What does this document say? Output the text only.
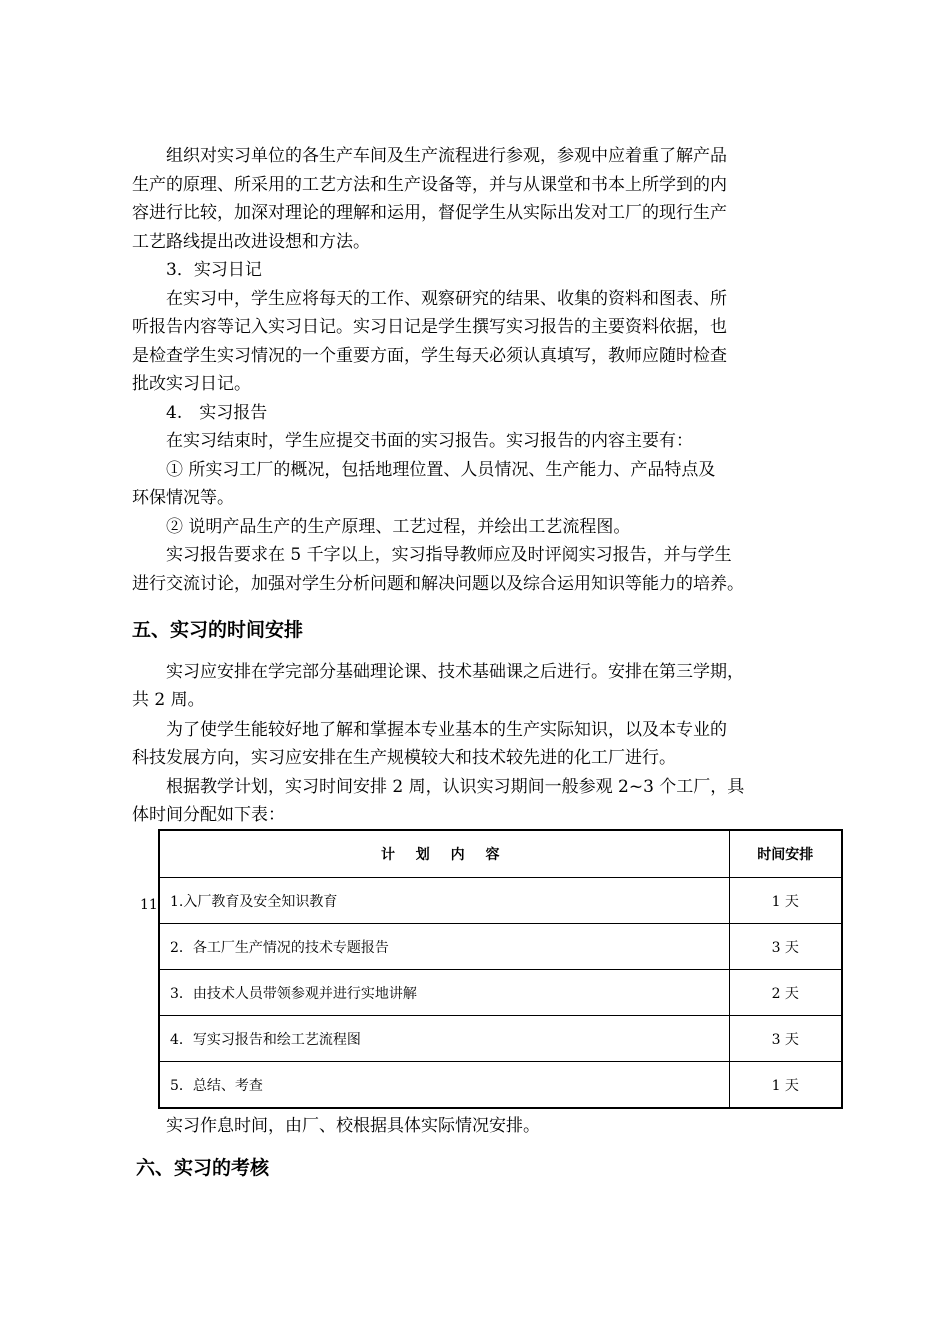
　　组织对实习单位的各生产车间及生产流程进行参观，参观中应着重了解产品
生产的原理、所采用的工艺方法和生产设备等，并与从课堂和书本上所学到的内
容进行比较，加深对理论的理解和运用，督促学生从实际出发对工厂的现行生产
工艺路线提出改进设想和方法。
　　3．实习日记
　　在实习中，学生应将每天的工作、观察研究的结果、收集的资料和图表、所
听报告内容等记入实习日记。实习日记是学生撰写实习报告的主要资料依据，也
是检查学生实习情况的一个重要方面，学生每天必须认真填写，教师应随时检查
批改实习日记。
　　4.　实习报告
　　在实习结束时，学生应提交书面的实习报告。实习报告的内容主要有：
　　① 所实习工厂的概况，包括地理位置、人员情况、生产能力、产品特点及
环保情况等。
　　② 说明产品生产的生产原理、工艺过程，并绘出工艺流程图。
　　实习报告要求在 5 千字以上，实习指导教师应及时评阅实习报告，并与学生
进行交流讨论，加强对学生分析问题和解决问题以及综合运用知识等能力的培养。
五、实习的时间安排
　　实习应安排在学完部分基础理论课、技术基础课之后进行。安排在第三学期，
共 2 周。
　　为了使学生能较好地了解和掌握本专业基本的生产实际知识，以及本专业的
科技发展方向，实习应安排在生产规模较大和技术较先进的化工厂进行。
　　根据教学计划，实习时间安排 2 周，认识实习期间一般参观 2~3 个工厂，具
体时间分配如下表：
11
计 划 内 容	时间安排
1.入厂教育及安全知识教育	1 天
2．各工厂生产情况的技术专题报告	3 天
3．由技术人员带领参观并进行实地讲解	2 天
4．写实习报告和绘工艺流程图	3 天
5．总结、考查	1 天
　　实习作息时间，由厂、校根据具体实际情况安排。
六、实习的考核
